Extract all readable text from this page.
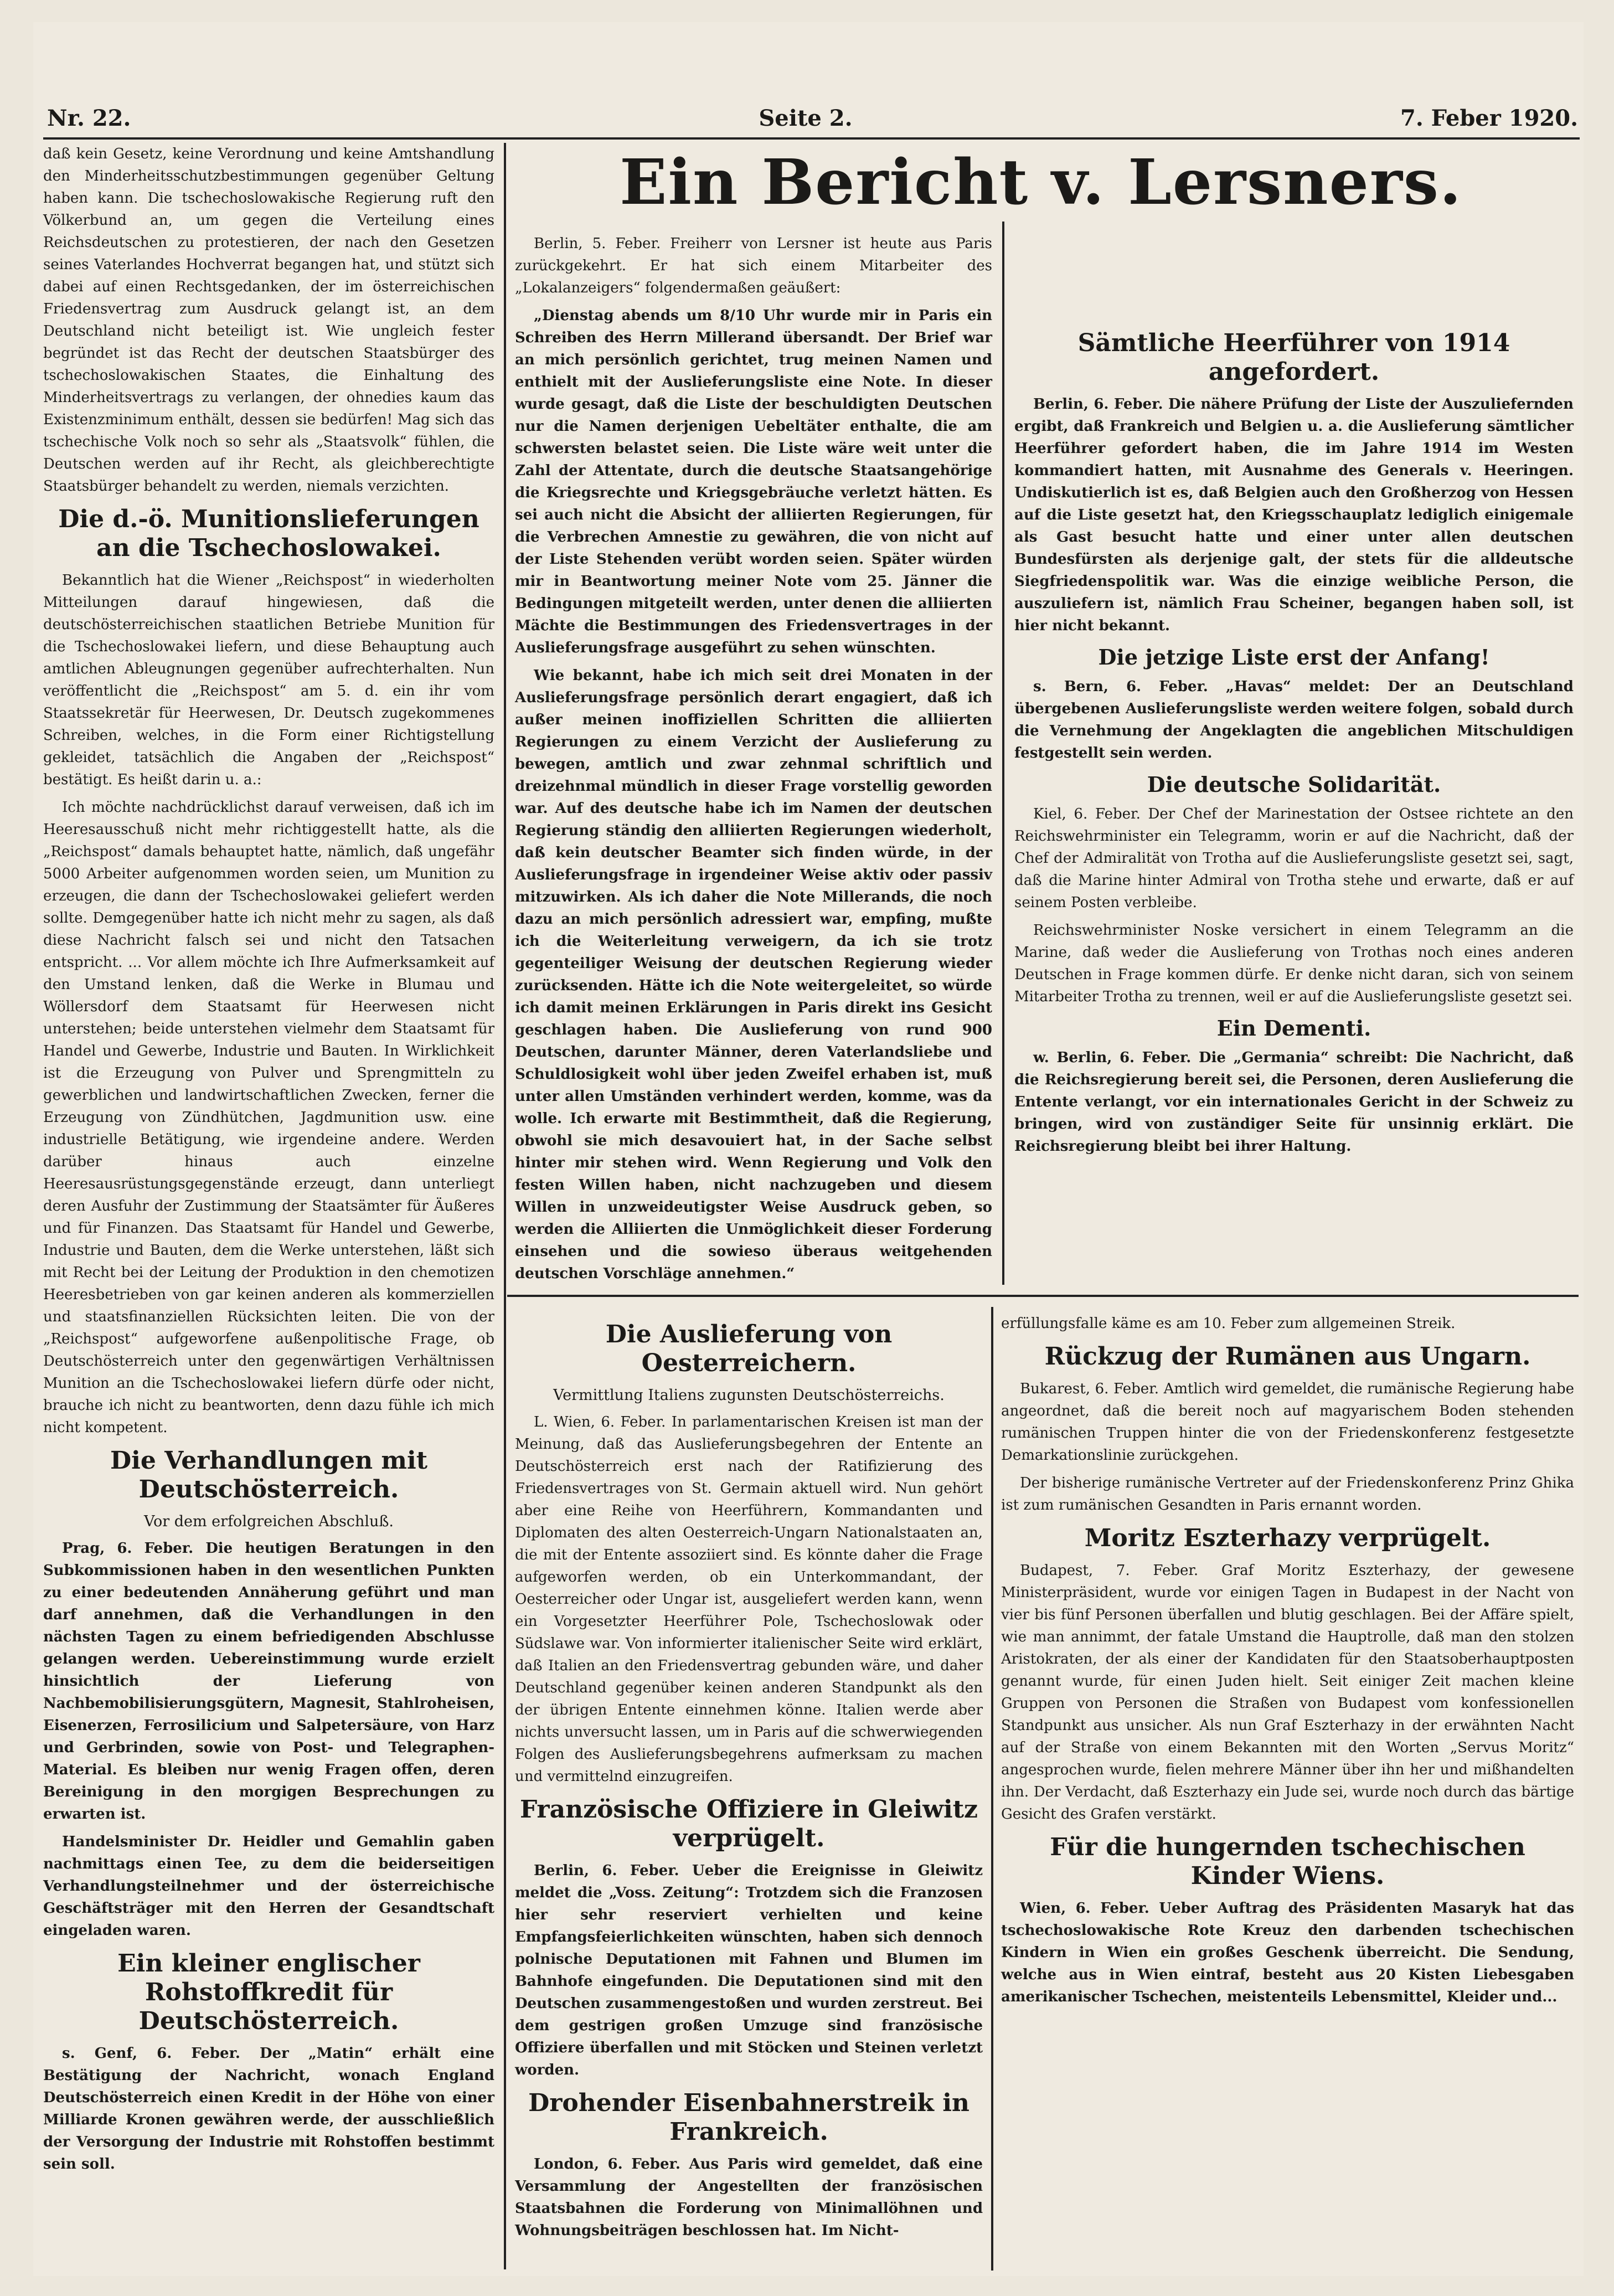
Nr. 22.	Seite 2.	7. Feber 1920.

daß kein Gesetz, keine Verordnung und keine Amtshandlung den Minderheitsschutzbestimmungen gegenüber Geltung haben kann. Die tschechoslowakische Regierung ruft den Völkerbund an, um gegen die Verteilung eines Reichsdeutschen zu protestieren, der nach den Gesetzen seines Vaterlandes Hochverrat begangen hat, und stützt sich dabei auf einen Rechtsgedanken, der im österreichischen Friedensvertrag zum Ausdruck gelangt ist, an dem Deutschland nicht beteiligt ist. Wie ungleich fester begründet ist das Recht der deutschen Staatsbürger des tschechoslowakischen Staates, die Einhaltung des Minderheitsvertrags zu verlangen, der ohnedies kaum das Existenzminimum enthält, dessen sie bedürfen! Mag sich das tschechische Volk noch so sehr als „Staatsvolk“ fühlen, die Deutschen werden auf ihr Recht, als gleichberechtigte Staatsbürger behandelt zu werden, niemals verzichten.

Die d.-ö. Munitionslieferungen an die Tschechoslowakei.

Bekanntlich hat die Wiener „Reichspost“ in wiederholten Mitteilungen darauf hingewiesen, daß die deutschösterreichischen staatlichen Betriebe Munition für die Tschechoslowakei liefern, und diese Behauptung auch amtlichen Ableugnungen gegenüber aufrechterhalten. Nun veröffentlicht die „Reichspost“ am 5. d. ein ihr vom Staatssekretär für Heerwesen, Dr. Deutsch zugekommenes Schreiben, welches, in die Form einer Richtigstellung gekleidet, tatsächlich die Angaben der „Reichspost“ bestätigt. Es heißt darin u. a.:

Ich möchte nachdrücklichst darauf verweisen, daß ich im Heeresausschuß nicht mehr richtiggestellt hatte, als die „Reichspost“ damals behauptet hatte, nämlich, daß ungefähr 5000 Arbeiter aufgenommen worden seien, um Munition zu erzeugen, die dann der Tschechoslowakei geliefert werden sollte. Demgegenüber hatte ich nicht mehr zu sagen, als daß diese Nachricht falsch sei und nicht den Tatsachen entspricht. ... Vor allem möchte ich Ihre Aufmerksamkeit auf den Umstand lenken, daß die Werke in Blumau und Wöllersdorf dem Staatsamt für Heerwesen nicht unterstehen; beide unterstehen vielmehr dem Staatsamt für Handel und Gewerbe, Industrie und Bauten. In Wirklichkeit ist die Erzeugung von Pulver und Sprengmitteln zu gewerblichen und landwirtschaftlichen Zwecken, ferner die Erzeugung von Zündhütchen, Jagdmunition usw. eine industrielle Betätigung, wie irgendeine andere. Werden darüber hinaus auch einzelne Heeresausrüstungsgegenstände erzeugt, dann unterliegt deren Ausfuhr der Zustimmung der Staatsämter für Äußeres und für Finanzen. Das Staatsamt für Handel und Gewerbe, Industrie und Bauten, dem die Werke unterstehen, läßt sich mit Recht bei der Leitung der Produktion in den chemotizen Heeresbetrieben von gar keinen anderen als kommerziellen und staatsfinanziellen Rücksichten leiten. Die von der „Reichspost“ aufgeworfene außenpolitische Frage, ob Deutschösterreich unter den gegenwärtigen Verhältnissen Munition an die Tschechoslowakei liefern dürfe oder nicht, brauche ich nicht zu beantworten, denn dazu fühle ich mich nicht kompetent.

Die Verhandlungen mit Deutschösterreich.
Vor dem erfolgreichen Abschluß.

Prag, 6. Feber. Die heutigen Beratungen in den Subkommissionen haben in den wesentlichen Punkten zu einer bedeutenden Annäherung geführt und man darf annehmen, daß die Verhandlungen in den nächsten Tagen zu einem befriedigenden Abschlusse gelangen werden. Uebereinstimmung wurde erzielt hinsichtlich der Lieferung von Nachbemobilisierungsgütern, Magnesit, Stahlroheisen, Eisenerzen, Ferrosilicium und Salpetersäure, von Harz und Gerbrinden, sowie von Post- und Telegraphen-Material. Es bleiben nur wenig Fragen offen, deren Bereinigung in den morgigen Besprechungen zu erwarten ist.

Handelsminister Dr. Heidler und Gemahlin gaben nachmittags einen Tee, zu dem die beiderseitigen Verhandlungsteilnehmer und der österreichische Geschäftsträger mit den Herren der Gesandtschaft eingeladen waren.

Ein kleiner englischer Rohstoffkredit für Deutschösterreich.

s. Genf, 6. Feber. Der „Matin“ erhält eine Bestätigung der Nachricht, wonach England Deutschösterreich einen Kredit in der Höhe von einer Milliarde Kronen gewähren werde, der ausschließlich der Versorgung der Industrie mit Rohstoffen bestimmt sein soll.

Ein Bericht v. Lersners.

Berlin, 5. Feber. Freiherr von Lersner ist heute aus Paris zurückgekehrt. Er hat sich einem Mitarbeiter des „Lokalanzeigers“ folgendermaßen geäußert:

„Dienstag abends um 8/10 Uhr wurde mir in Paris ein Schreiben des Herrn Millerand übersandt. Der Brief war an mich persönlich gerichtet, trug meinen Namen und enthielt mit der Auslieferungsliste eine Note. In dieser wurde gesagt, daß die Liste der beschuldigten Deutschen nur die Namen derjenigen Uebeltäter enthalte, die am schwersten belastet seien. Die Liste wäre weit unter die Zahl der Attentate, durch die deutsche Staatsangehörige die Kriegsrechte und Kriegsgebräuche verletzt hätten. Es sei auch nicht die Absicht der alliierten Regierungen, für die Verbrechen Amnestie zu gewähren, die von nicht auf der Liste Stehenden verübt worden seien. Später würden mir in Beantwortung meiner Note vom 25. Jänner die Bedingungen mitgeteilt werden, unter denen die alliierten Mächte die Bestimmungen des Friedensvertrages in der Auslieferungsfrage ausgeführt zu sehen wünschten.

Wie bekannt, habe ich mich seit drei Monaten in der Auslieferungsfrage persönlich derart engagiert, daß ich außer meinen inoffiziellen Schritten die alliierten Regierungen zu einem Verzicht der Auslieferung zu bewegen, amtlich und zwar zehnmal schriftlich und dreizehnmal mündlich in dieser Frage vorstellig geworden war. Auf des deutsche habe ich im Namen der deutschen Regierung ständig den alliierten Regierungen wiederholt, daß kein deutscher Beamter sich finden würde, in der Auslieferungsfrage in irgendeiner Weise aktiv oder passiv mitzuwirken. Als ich daher die Note Millerands, die noch dazu an mich persönlich adressiert war, empfing, mußte ich die Weiterleitung verweigern, da ich sie trotz gegenteiliger Weisung der deutschen Regierung wieder zurücksenden. Hätte ich die Note weitergeleitet, so würde ich damit meinen Erklärungen in Paris direkt ins Gesicht geschlagen haben. Die Auslieferung von rund 900 Deutschen, darunter Männer, deren Vaterlandsliebe und Schuldlosigkeit wohl über jeden Zweifel erhaben ist, muß unter allen Umständen verhindert werden, komme, was da wolle. Ich erwarte mit Bestimmtheit, daß die Regierung, obwohl sie mich desavouiert hat, in der Sache selbst hinter mir stehen wird. Wenn Regierung und Volk den festen Willen haben, nicht nachzugeben und diesem Willen in unzweideutigster Weise Ausdruck geben, so werden die Alliierten die Unmöglichkeit dieser Forderung einsehen und die sowieso überaus weitgehenden deutschen Vorschläge annehmen.“

Sämtliche Heerführer von 1914 angefordert.

Berlin, 6. Feber. Die nähere Prüfung der Liste der Auszuliefernden ergibt, daß Frankreich und Belgien u. a. die Auslieferung sämtlicher Heerführer gefordert haben, die im Jahre 1914 im Westen kommandiert hatten, mit Ausnahme des Generals v. Heeringen. Undiskutierlich ist es, daß Belgien auch den Großherzog von Hessen auf die Liste gesetzt hat, den Kriegsschauplatz lediglich einigemale als Gast besucht hatte und einer unter allen deutschen Bundesfürsten als derjenige galt, der stets für die alldeutsche Siegfriedenspolitik war. Was die einzige weibliche Person, die auszuliefern ist, nämlich Frau Scheiner, begangen haben soll, ist hier nicht bekannt.

Die jetzige Liste erst der Anfang!

s. Bern, 6. Feber. „Havas“ meldet: Der an Deutschland übergebenen Auslieferungsliste werden weitere folgen, sobald durch die Vernehmung der Angeklagten die angeblichen Mitschuldigen festgestellt sein werden.

Die deutsche Solidarität.

Kiel, 6. Feber. Der Chef der Marinestation der Ostsee richtete an den Reichswehrminister ein Telegramm, worin er auf die Nachricht, daß der Chef der Admiralität von Trotha auf die Auslieferungsliste gesetzt sei, sagt, daß die Marine hinter Admiral von Trotha stehe und erwarte, daß er auf seinem Posten verbleibe.

Reichswehrminister Noske versichert in einem Telegramm an die Marine, daß weder die Auslieferung von Trothas noch eines anderen Deutschen in Frage kommen dürfe. Er denke nicht daran, sich von seinem Mitarbeiter Trotha zu trennen, weil er auf die Auslieferungsliste gesetzt sei.

Ein Dementi.

w. Berlin, 6. Feber. Die „Germania“ schreibt: Die Nachricht, daß die Reichsregierung bereit sei, die Personen, deren Auslieferung die Entente verlangt, vor ein internationales Gericht in der Schweiz zu bringen, wird von zuständiger Seite für unsinnig erklärt. Die Reichsregierung bleibt bei ihrer Haltung.

Die Auslieferung von Oesterreichern.
Vermittlung Italiens zugunsten Deutschösterreichs.

L. Wien, 6. Feber. In parlamentarischen Kreisen ist man der Meinung, daß das Auslieferungsbegehren der Entente an Deutschösterreich erst nach der Ratifizierung des Friedensvertrages von St. Germain aktuell wird. Nun gehört aber eine Reihe von Heerführern, Kommandanten und Diplomaten des alten Oesterreich-Ungarn Nationalstaaten an, die mit der Entente assoziiert sind. Es könnte daher die Frage aufgeworfen werden, ob ein Unterkommandant, der Oesterreicher oder Ungar ist, ausgeliefert werden kann, wenn ein Vorgesetzter Heerführer Pole, Tschechoslowak oder Südslawe war. Von informierter italienischer Seite wird erklärt, daß Italien an den Friedensvertrag gebunden wäre, und daher Deutschland gegenüber keinen anderen Standpunkt als den der übrigen Entente einnehmen könne. Italien werde aber nichts unversucht lassen, um in Paris auf die schwerwiegenden Folgen des Auslieferungsbegehrens aufmerksam zu machen und vermittelnd einzugreifen.

Französische Offiziere in Gleiwitz verprügelt.

Berlin, 6. Feber. Ueber die Ereignisse in Gleiwitz meldet die „Voss. Zeitung“: Trotzdem sich die Franzosen hier sehr reserviert verhielten und keine Empfangsfeierlichkeiten wünschten, haben sich dennoch polnische Deputationen mit Fahnen und Blumen im Bahnhofe eingefunden. Die Deputationen sind mit den Deutschen zusammengestoßen und wurden zerstreut. Bei dem gestrigen großen Umzuge sind französische Offiziere überfallen und mit Stöcken und Steinen verletzt worden.

Drohender Eisenbahnerstreik in Frankreich.

London, 6. Feber. Aus Paris wird gemeldet, daß eine Versammlung der Angestellten der französischen Staatsbahnen die Forderung von Minimallöhnen und Wohnungsbeiträgen beschlossen hat. Im Nicht-

erfüllungsfalle käme es am 10. Feber zum allgemeinen Streik.

Rückzug der Rumänen aus Ungarn.

Bukarest, 6. Feber. Amtlich wird gemeldet, die rumänische Regierung habe angeordnet, daß die bereit noch auf magyarischem Boden stehenden rumänischen Truppen hinter die von der Friedenskonferenz festgesetzte Demarkationslinie zurückgehen.

Der bisherige rumänische Vertreter auf der Friedenskonferenz Prinz Ghika ist zum rumänischen Gesandten in Paris ernannt worden.

Moritz Eszterhazy verprügelt.

Budapest, 7. Feber. Graf Moritz Eszterhazy, der gewesene Ministerpräsident, wurde vor einigen Tagen in Budapest in der Nacht von vier bis fünf Personen überfallen und blutig geschlagen. Bei der Affäre spielt, wie man annimmt, der fatale Umstand die Hauptrolle, daß man den stolzen Aristokraten, der als einer der Kandidaten für den Staatsoberhauptposten genannt wurde, für einen Juden hielt. Seit einiger Zeit machen kleine Gruppen von Personen die Straßen von Budapest vom konfessionellen Standpunkt aus unsicher. Als nun Graf Eszterhazy in der erwähnten Nacht auf der Straße von einem Bekannten mit den Worten „Servus Moritz“ angesprochen wurde, fielen mehrere Männer über ihn her und mißhandelten ihn. Der Verdacht, daß Eszterhazy ein Jude sei, wurde noch durch das bärtige Gesicht des Grafen verstärkt.

Für die hungernden tschechischen Kinder Wiens.

Wien, 6. Feber. Ueber Auftrag des Präsidenten Masaryk hat das tschechoslowakische Rote Kreuz den darbenden tschechischen Kindern in Wien ein großes Geschenk überreicht. Die Sendung, welche aus in Wien eintraf, besteht aus 20 Kisten Liebesgaben amerikanischer Tschechen, meistenteils Lebensmittel, Kleider und...
